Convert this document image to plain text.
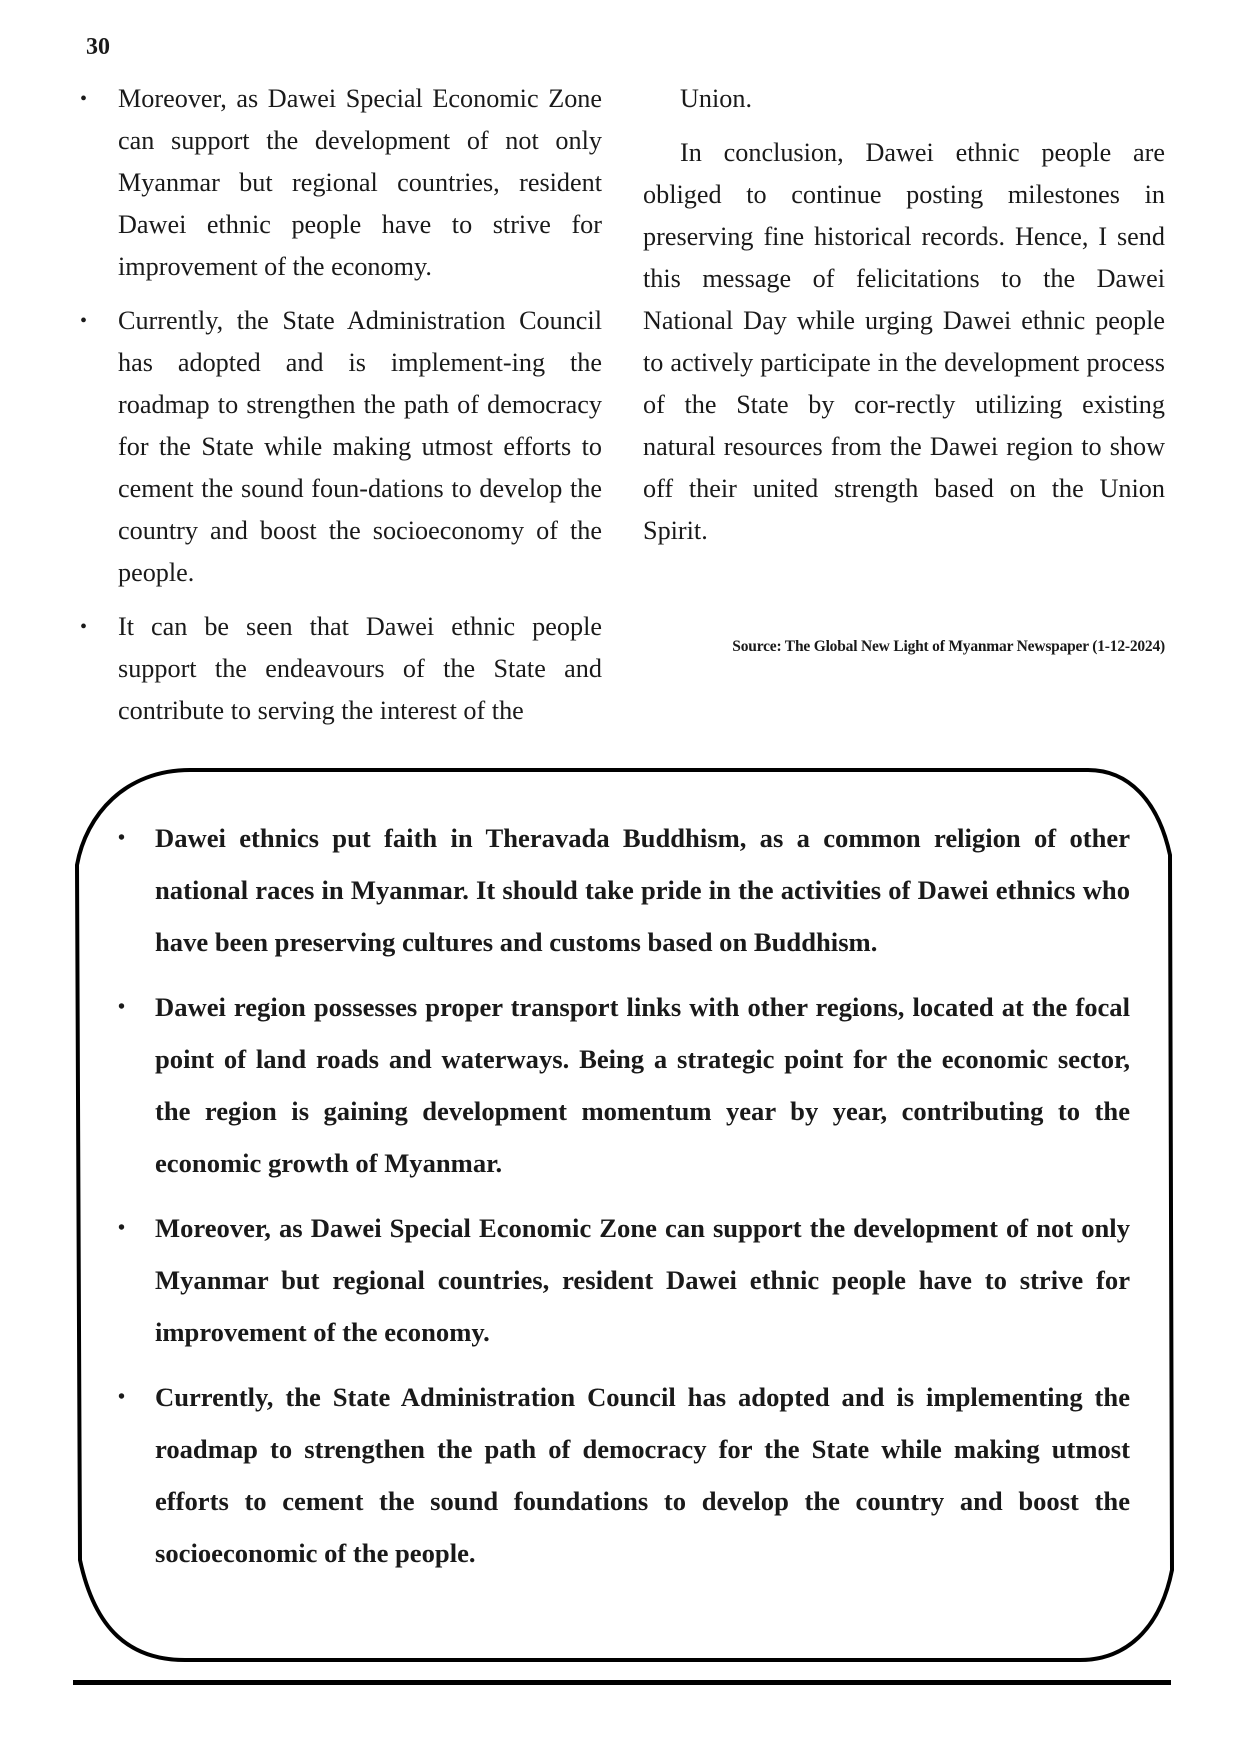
30
•	Moreover, as Dawei Special Economic Zone can support the development of not only Myanmar but regional countries, resident Dawei ethnic people have to strive for improvement of the economy.
•	Currently, the State Administration Council has adopted and is implement-ing the roadmap to strengthen the path of democracy for the State while making utmost efforts to cement the sound foun-dations to develop the country and boost the socioeconomy of the people.
•	It can be seen that Dawei ethnic people support the endeavours of the State and contribute to serving the interest of the

Union.

In conclusion, Dawei ethnic people are obliged to continue posting milestones in preserving fine historical records. Hence, I send this message of felicitations to the Dawei National Day while urging Dawei ethnic people to actively participate in the development process of the State by cor-rectly utilizing existing natural resources from the Dawei region to show off their united strength based on the Union Spirit.

Source: The Global New Light of Myanmar Newspaper (1-12-2024)
•	Dawei ethnics put faith in Theravada Buddhism, as a common religion of other national races in Myanmar. It should take pride in the activities of Dawei ethnics who have been preserving cultures and customs based on Buddhism.
•	Dawei region possesses proper transport links with other regions, located at the focal point of land roads and waterways. Being a strategic point for the economic sector, the region is gaining development momentum year by year, contributing to the economic growth of Myanmar.
•	Moreover, as Dawei Special Economic Zone can support the development of not only Myanmar but regional countries, resident Dawei ethnic people have to strive for improvement of the economy.
•	Currently, the State Administration Council has adopted and is implementing the roadmap to strengthen the path of democracy for the State while making utmost efforts to cement the sound foundations to develop the country and boost the socioeconomic of the people.
